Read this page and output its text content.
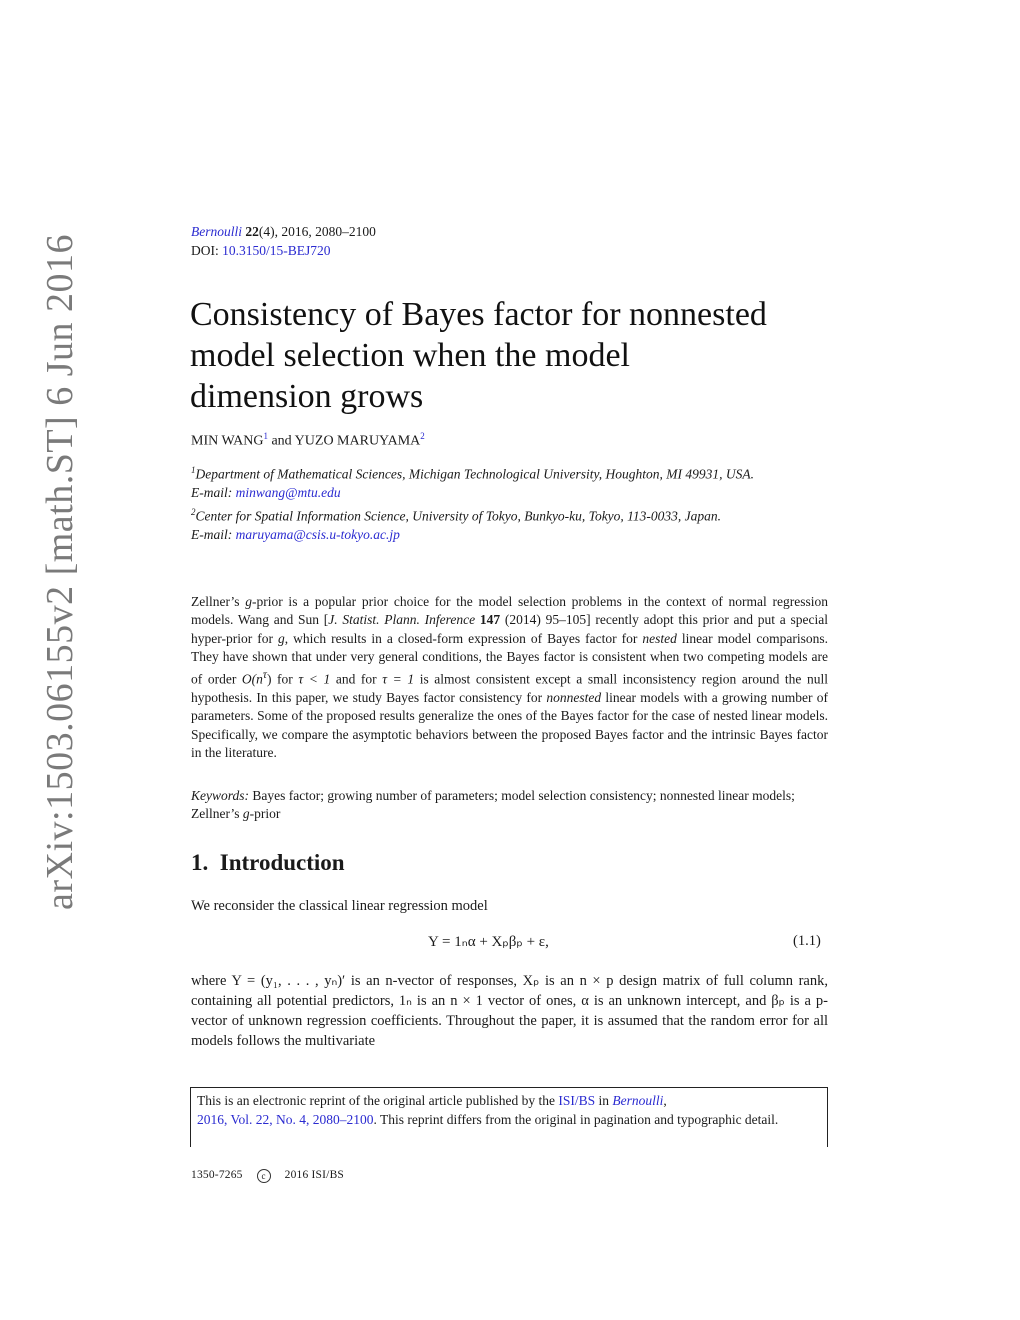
arXiv:1503.06155v2 [math.ST] 6 Jun 2016
Bernoulli 22(4), 2016, 2080–2100
DOI: 10.3150/15-BEJ720
Consistency of Bayes factor for nonnested
model selection when the model
dimension grows
MIN WANG$^1$ and YUZO MARUYAMA$^2$

$^1$Department of Mathematical Sciences, Michigan Technological University, Houghton, MI 49931, USA.

E-mail: minwang@mtu.edu

$^2$Center for Spatial Information Science, University of Tokyo, Bunkyo-ku, Tokyo, 113-0033, Japan.

E-mail: maruyama@csis.u-tokyo.ac.jp

Zellner’s g-prior is a popular prior choice for the model selection problems in the context of normal regression models. Wang and Sun [J. Statist. Plann. Inference 147 (2014) 95–105] recently adopt this prior and put a special hyper-prior for g, which results in a closed-form expression of Bayes factor for nested linear model comparisons. They have shown that under very general conditions, the Bayes factor is consistent when two competing models are of order $O(n^\tau)$ for τ < 1 and for τ = 1 is almost consistent except a small inconsistency region around the null hypothesis. In this paper, we study Bayes factor consistency for nonnested linear models with a growing number of parameters. Some of the proposed results generalize the ones of the Bayes factor for the case of nested linear models. Specifically, we compare the asymptotic behaviors between the proposed Bayes factor and the intrinsic Bayes factor in the literature.
Keywords: Bayes factor; growing number of parameters; model selection consistency; nonnested linear models; Zellner’s g-prior
1. Introduction
We reconsider the classical linear regression model
Y = 1ₙα + Xₚβₚ + ε,	(1.1)
where Y = (y₁, . . . , yₙ)′ is an n-vector of responses, Xₚ is an n × p design matrix of full column rank, containing all potential predictors, 1ₙ is an n × 1 vector of ones, α is an unknown intercept, and βₚ is a p-vector of unknown regression coefficients. Throughout the paper, it is assumed that the random error for all models follows the multivariate
This is an electronic reprint of the original article published by the ISI/BS in Bernoulli,
2016, Vol. 22, No. 4, 2080–2100. This reprint differs from the original in pagination and typographic detail.
1350-7265 c 2016 ISI/BS
